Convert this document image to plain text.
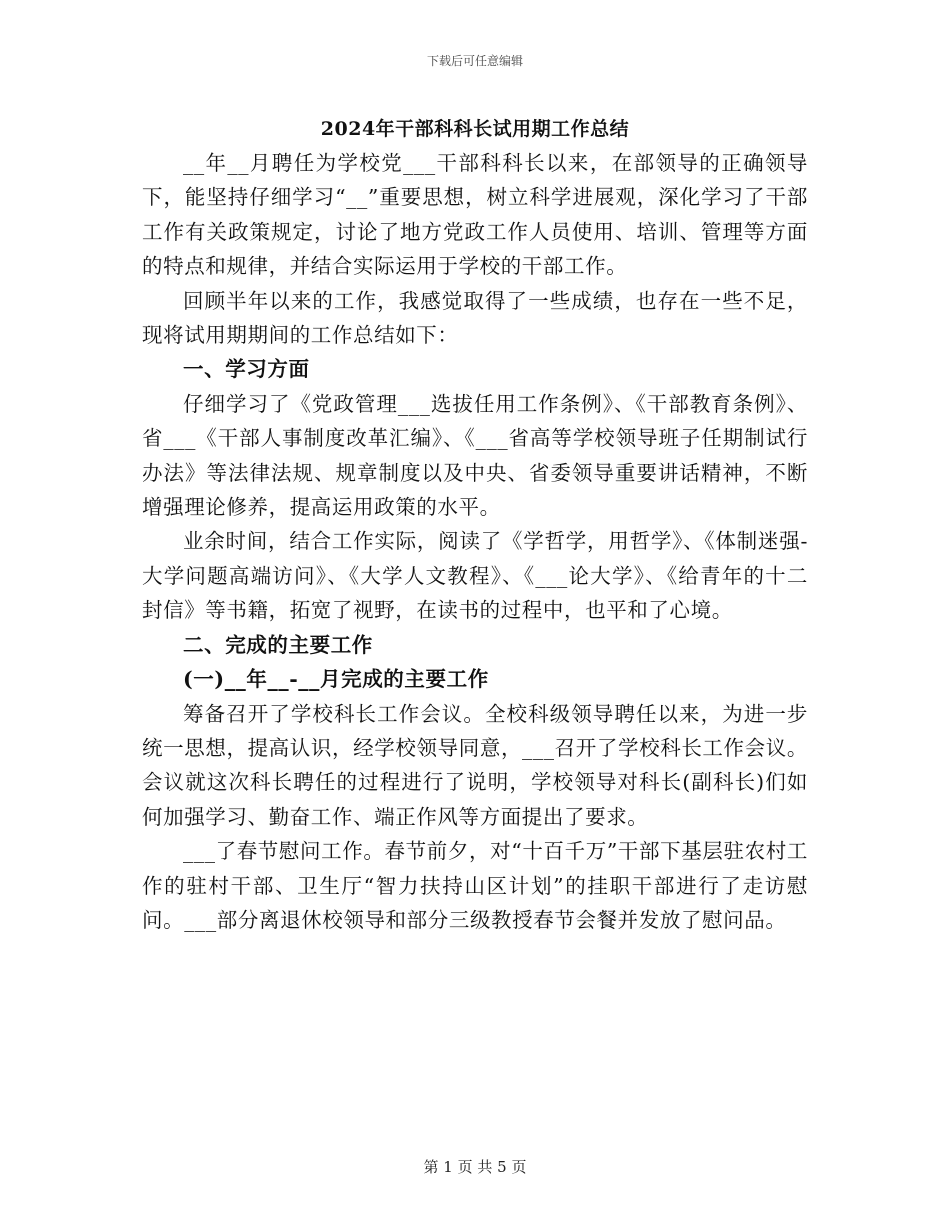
下载后可任意编辑
2024年干部科科长试用期工作总结

__年__月聘任为学校党___干部科科长以来，在部领导的正确领导下，能坚持仔细学习“__”重要思想，树立科学进展观，深化学习了干部工作有关政策规定，讨论了地方党政工作人员使用、培训、管理等方面的特点和规律，并结合实际运用于学校的干部工作。

回顾半年以来的工作，我感觉取得了一些成绩，也存在一些不足，现将试用期期间的工作总结如下：

一、学习方面

仔细学习了《党政管理___选拔任用工作条例》、《干部教育条例》、省___《干部人事制度改革汇编》、《___省高等学校领导班子任期制试行办法》等法律法规、规章制度以及中央、省委领导重要讲话精神，不断增强理论修养，提高运用政策的水平。

业余时间，结合工作实际，阅读了《学哲学，用哲学》、《体制迷强-大学问题高端访问》、《大学人文教程》、《___论大学》、《给青年的十二封信》等书籍，拓宽了视野，在读书的过程中，也平和了心境。

二、完成的主要工作
(一)__年__-__月完成的主要工作

筹备召开了学校科长工作会议。全校科级领导聘任以来，为进一步统一思想，提高认识，经学校领导同意，___召开了学校科长工作会议。会议就这次科长聘任的过程进行了说明，学校领导对科长(副科长)们如何加强学习、勤奋工作、端正作风等方面提出了要求。

___了春节慰问工作。春节前夕，对“十百千万”干部下基层驻农村工作的驻村干部、卫生厅“智力扶持山区计划”的挂职干部进行了走访慰问。___部分离退休校领导和部分三级教授春节会餐并发放了慰问品。

第 1 页 共 5 页
